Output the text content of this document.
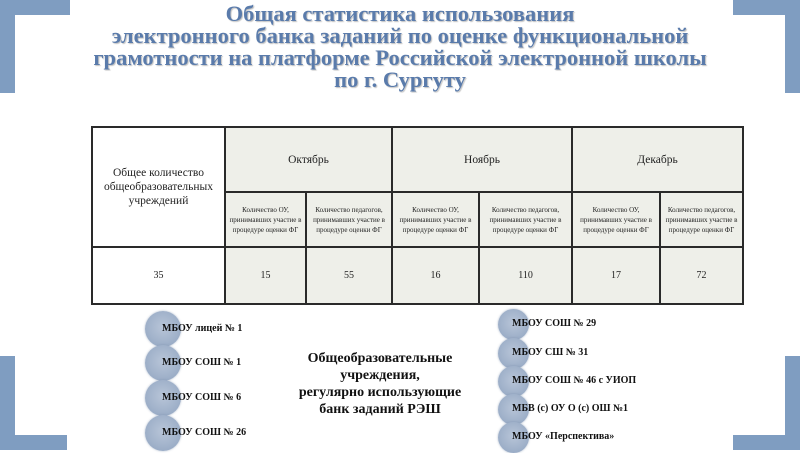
Общая статистика использования
электронного банка заданий по оценке функциональной
грамотности на платформе Российской электронной школы
по г. Сургуту
Общее количество общеобразовательных учреждений	Октябрь		Ноябрь		Декабрь	
	Количество ОУ, принимавших участие в процедуре оценки ФГ	Количество педагогов, принимавших участие в процедуре оценки ФГ	Количество ОУ, принимавших участие в процедуре оценки ФГ	Количество педагогов, принимавших участие в процедуре оценки ФГ	Количество ОУ, принимавших участие в процедуре оценки ФГ	Количество педагогов, принимавших участие в процедуре оценки ФГ
35	15	55	16	110	17	72
МБОУ лицей № 1
МБОУ СОШ № 1
МБОУ СОШ № 6
МБОУ СОШ № 26
Общеобразовательные
учреждения,
регулярно использующие
банк заданий РЭШ
МБОУ СОШ № 29
МБОУ СШ № 31
МБОУ СОШ № 46 с УИОП
МБВ (с) ОУ О (с) ОШ №1
МБОУ «Перспектива»
